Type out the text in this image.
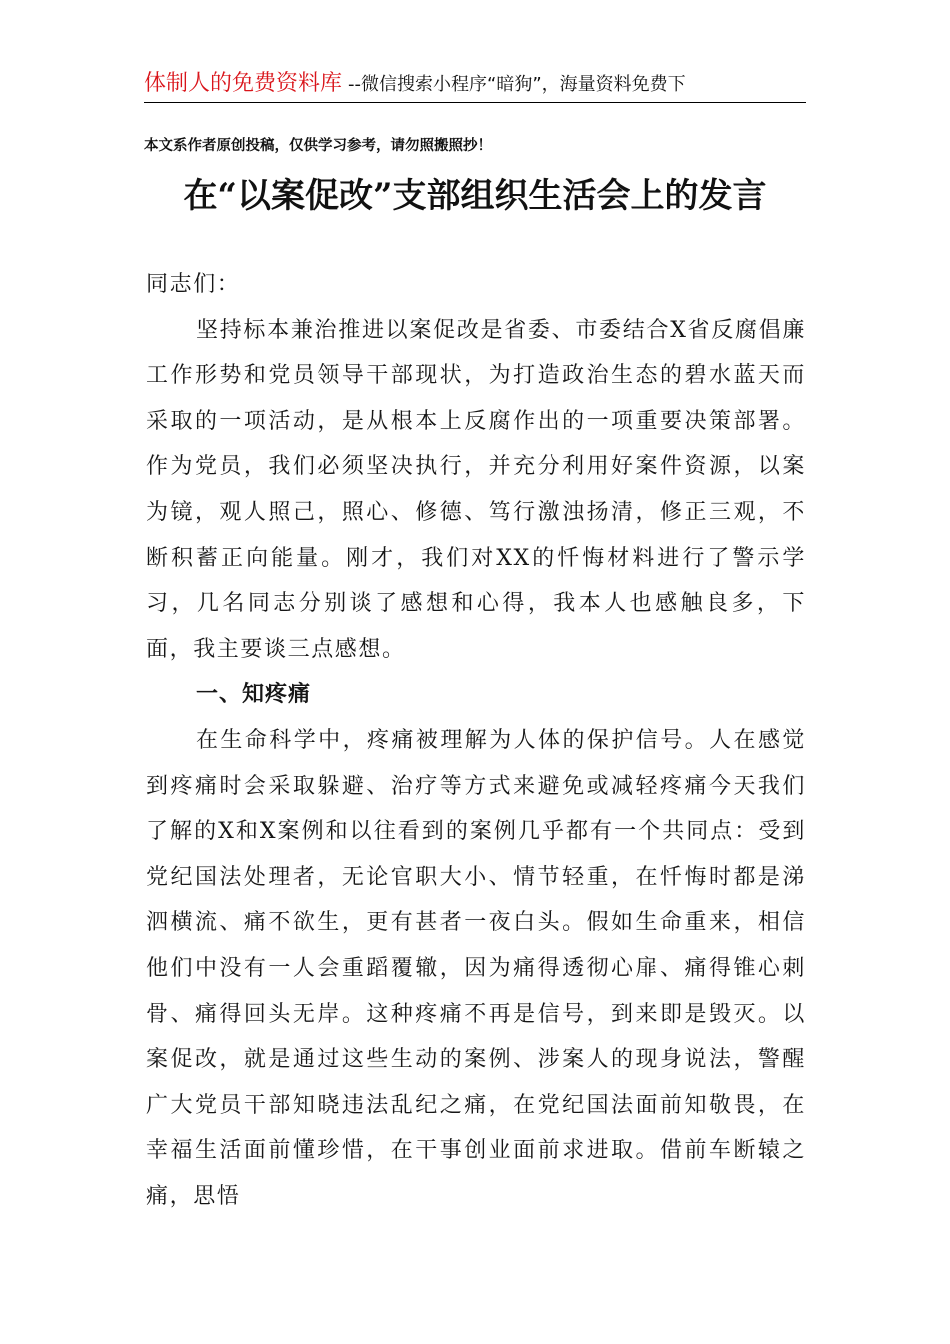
体制人的免费资料库 --微信搜索小程序“暗狗”，海量资料免费下
本文系作者原创投稿，仅供学习参考，请勿照搬照抄！
在“以案促改”支部组织生活会上的发言

同志们：

坚持标本兼治推进以案促改是省委、市委结合X省反腐倡廉工作形势和党员领导干部现状，为打造政治生态的碧水蓝天而采取的一项活动，是从根本上反腐作出的一项重要决策部署。作为党员，我们必须坚决执行，并充分利用好案件资源，以案为镜，观人照己，照心、修德、笃行激浊扬清，修正三观，不断积蓄正向能量。刚才，我们对XX的忏悔材料进行了警示学习，几名同志分别谈了感想和心得，我本人也感触良多，下面，我主要谈三点感想。

一、知疼痛

在生命科学中，疼痛被理解为人体的保护信号。人在感觉到疼痛时会采取躲避、治疗等方式来避免或减轻疼痛今天我们了解的X和X案例和以往看到的案例几乎都有一个共同点：受到党纪国法处理者，无论官职大小、情节轻重，在忏悔时都是涕泗横流、痛不欲生，更有甚者一夜白头。假如生命重来，相信他们中没有一人会重蹈覆辙，因为痛得透彻心扉、痛得锥心刺骨、痛得回头无岸。这种疼痛不再是信号，到来即是毁灭。以案促改，就是通过这些生动的案例、涉案人的现身说法，警醒广大党员干部知晓违法乱纪之痛，在党纪国法面前知敬畏，在幸福生活面前懂珍惜，在干事创业面前求进取。借前车断辕之痛，思悟
